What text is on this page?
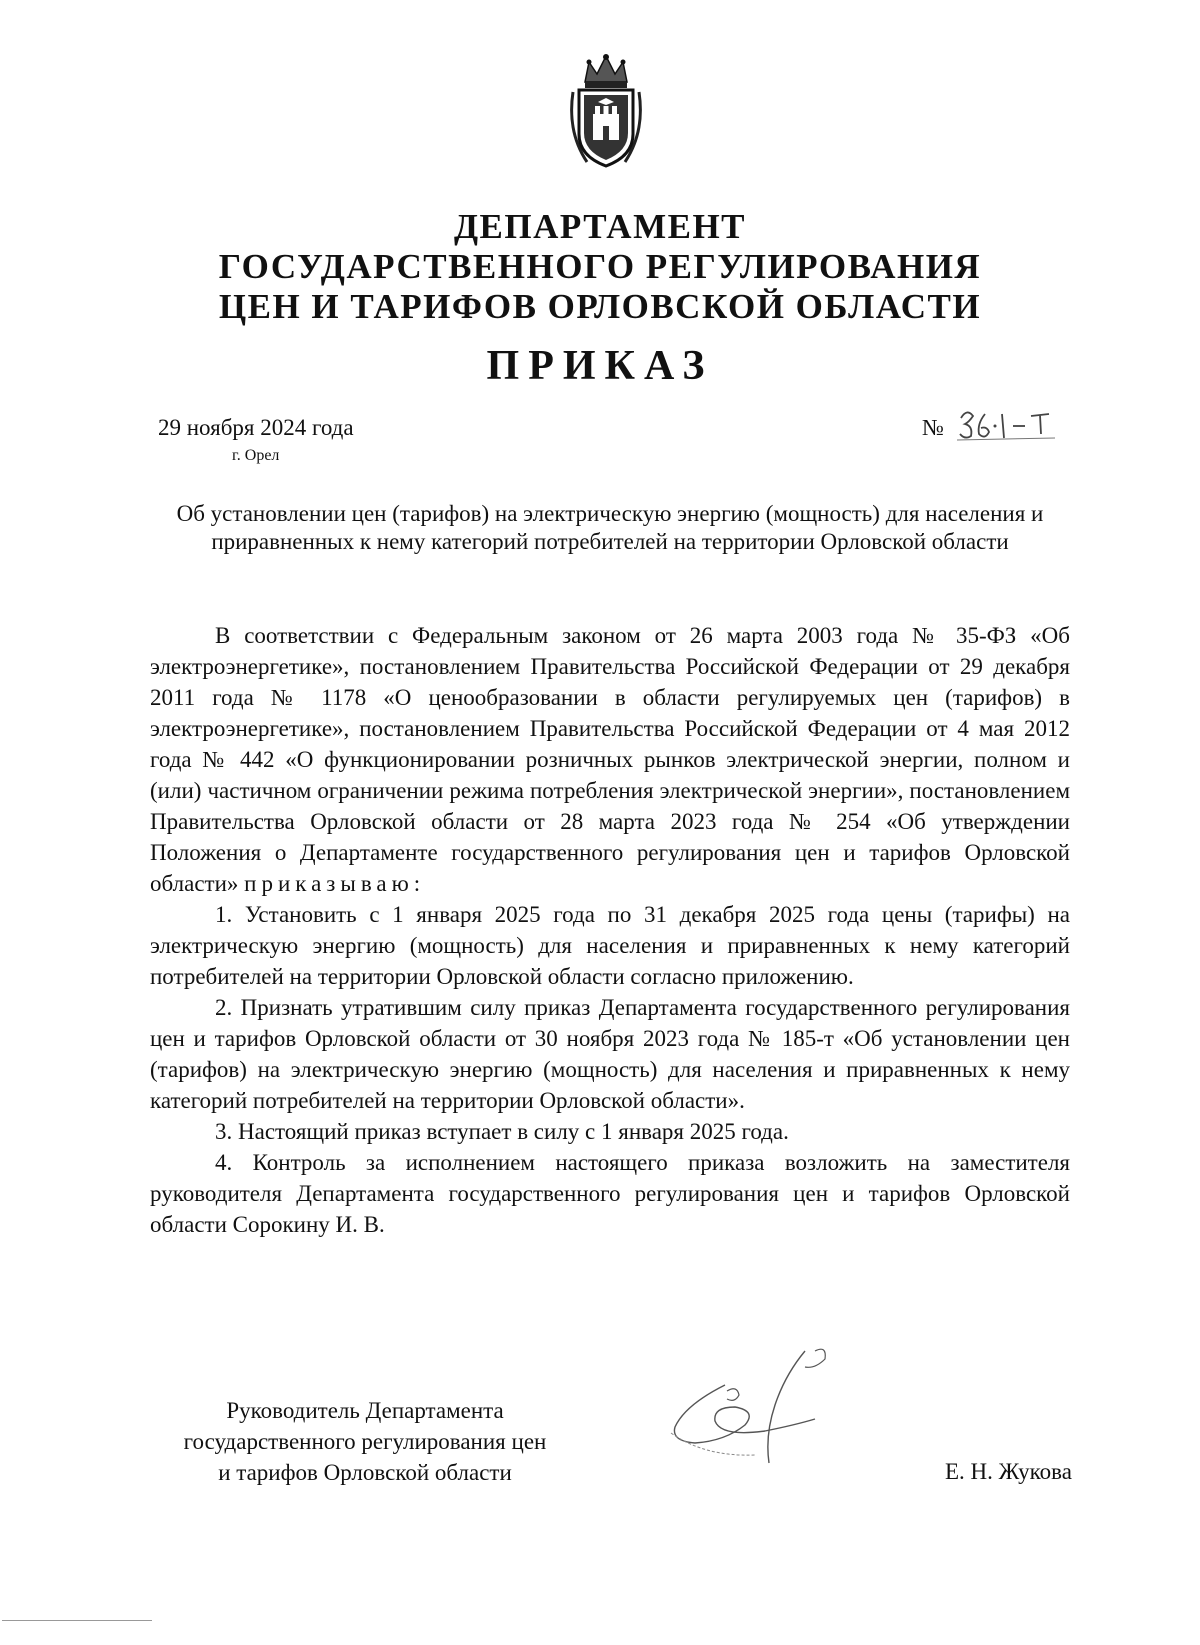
ДЕПАРТАМЕНТ
ГОСУДАРСТВЕННОГО РЕГУЛИРОВАНИЯ
ЦЕН И ТАРИФОВ ОРЛОВСКОЙ ОБЛАСТИ
ПРИКАЗ
29 ноября 2024 года
г. Орел
№
Об установлении цен (тарифов) на электрическую энергию (мощность) для населения и приравненных к нему категорий потребителей на территории Орловской области

В соответствии с Федеральным законом от 26 марта 2003 года № 35-ФЗ «Об электроэнергетике», постановлением Правительства Российской Федерации от 29 декабря 2011 года № 1178 «О ценообразовании в области регулируемых цен (тарифов) в электроэнергетике», постановлением Правительства Российской Федерации от 4 мая 2012 года № 442 «О функционировании розничных рынков электрической энергии, полном и (или) частичном ограничении режима потребления электрической энергии», постановлением Правительства Орловской области от 28 марта 2023 года № 254 «Об утверждении Положения о Департаменте государственного регулирования цен и тарифов Орловской области» приказываю:

1. Установить с 1 января 2025 года по 31 декабря 2025 года цены (тарифы) на электрическую энергию (мощность) для населения и приравненных к нему категорий потребителей на территории Орловской области согласно приложению.

2. Признать утратившим силу приказ Департамента государственного регулирования цен и тарифов Орловской области от 30 ноября 2023 года № 185-т «Об установлении цен (тарифов) на электрическую энергию (мощность) для населения и приравненных к нему категорий потребителей на территории Орловской области».

3. Настоящий приказ вступает в силу с 1 января 2025 года.

4. Контроль за исполнением настоящего приказа возложить на заместителя руководителя Департамента государственного регулирования цен и тарифов Орловской области Сорокину И. В.

Руководитель Департамента
государственного регулирования цен
и тарифов Орловской области	Е. Н. Жукова
